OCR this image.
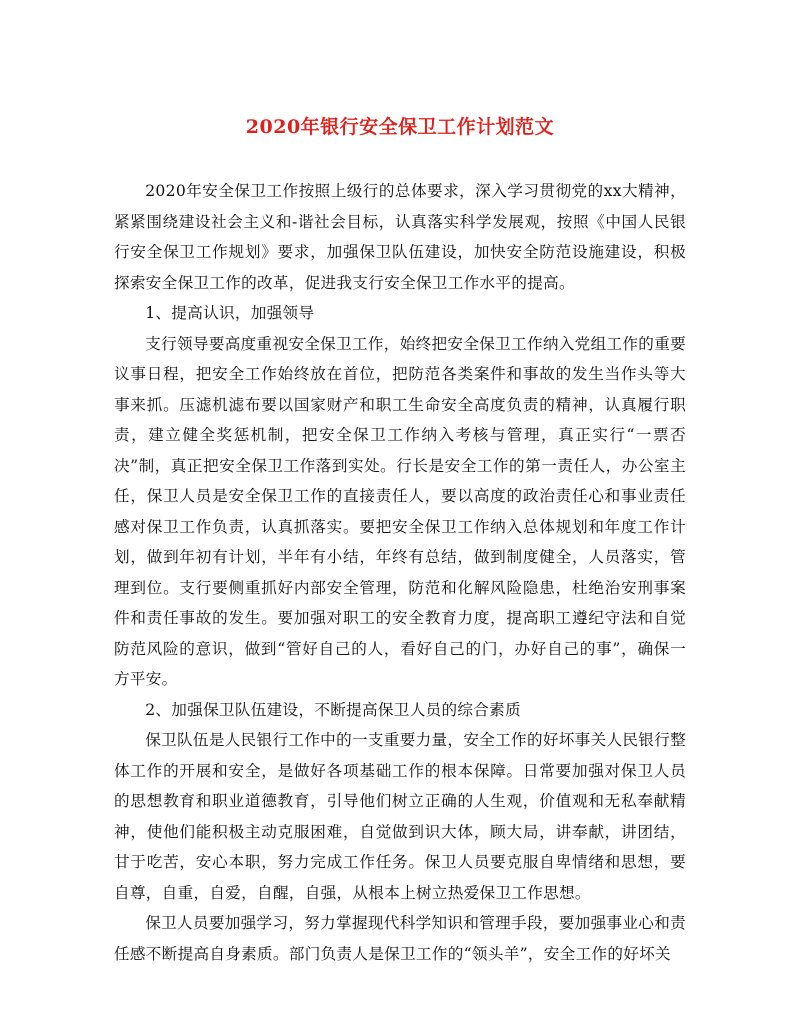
2020年银行安全保卫工作计划范文

2020年安全保卫工作按照上级行的总体要求，深入学习贯彻党的xx大精神，紧紧围绕建设社会主义和-谐社会目标，认真落实科学发展观，按照《中国人民银行安全保卫工作规划》要求，加强保卫队伍建设，加快安全防范设施建设，积极探索安全保卫工作的改革，促进我支行安全保卫工作水平的提高。

1、提高认识，加强领导

支行领导要高度重视安全保卫工作，始终把安全保卫工作纳入党组工作的重要议事日程，把安全工作始终放在首位，把防范各类案件和事故的发生当作头等大事来抓。压滤机滤布要以国家财产和职工生命安全高度负责的精神，认真履行职责，建立健全奖惩机制，把安全保卫工作纳入考核与管理，真正实行“一票否决”制，真正把安全保卫工作落到实处。行长是安全工作的第一责任人，办公室主任，保卫人员是安全保卫工作的直接责任人，要以高度的政治责任心和事业责任感对保卫工作负责，认真抓落实。要把安全保卫工作纳入总体规划和年度工作计划，做到年初有计划，半年有小结，年终有总结，做到制度健全，人员落实，管理到位。支行要侧重抓好内部安全管理，防范和化解风险隐患，杜绝治安刑事案件和责任事故的发生。要加强对职工的安全教育力度，提高职工遵纪守法和自觉防范风险的意识，做到“管好自己的人，看好自己的门，办好自己的事”，确保一方平安。

2、加强保卫队伍建设，不断提高保卫人员的综合素质

保卫队伍是人民银行工作中的一支重要力量，安全工作的好坏事关人民银行整体工作的开展和安全，是做好各项基础工作的根本保障。日常要加强对保卫人员的思想教育和职业道德教育，引导他们树立正确的人生观，价值观和无私奉献精神，使他们能积极主动克服困难，自觉做到识大体，顾大局，讲奉献，讲团结，甘于吃苦，安心本职，努力完成工作任务。保卫人员要克服自卑情绪和思想，要自尊，自重，自爱，自醒，自强，从根本上树立热爱保卫工作思想。

保卫人员要加强学习，努力掌握现代科学知识和管理手段，要加强事业心和责任感不断提高自身素质。部门负责人是保卫工作的“领头羊”，安全工作的好坏关
